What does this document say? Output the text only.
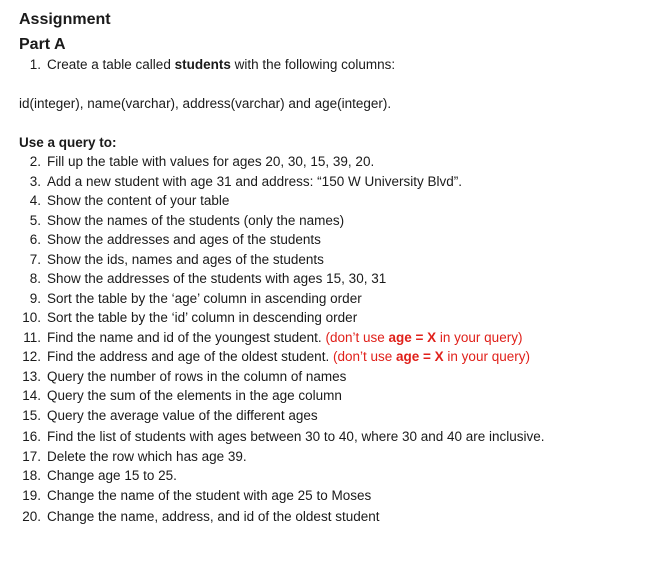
Assignment
Part A
1. Create a table called students with the following columns:
id(integer), name(varchar), address(varchar) and age(integer).
Use a query to:
2. Fill up the table with values for ages 20, 30, 15, 39, 20.
3. Add a new student with age 31 and address: “150 W University Blvd”.
4. Show the content of your table
5. Show the names of the students (only the names)
6. Show the addresses and ages of the students
7. Show the ids, names and ages of the students
8. Show the addresses of the students with ages 15, 30, 31
9. Sort the table by the ‘age’ column in ascending order
10. Sort the table by the ‘id’ column in descending order
11. Find the name and id of the youngest student. (don’t use age = X in your query)
12. Find the address and age of the oldest student. (don’t use age = X in your query)
13. Query the number of rows in the column of names
14. Query the sum of the elements in the age column
15. Query the average value of the different ages
16. Find the list of students with ages between 30 to 40, where 30 and 40 are inclusive.
17. Delete the row which has age 39.
18. Change age 15 to 25.
19. Change the name of the student with age 25 to Moses
20. Change the name, address, and id of the oldest student
